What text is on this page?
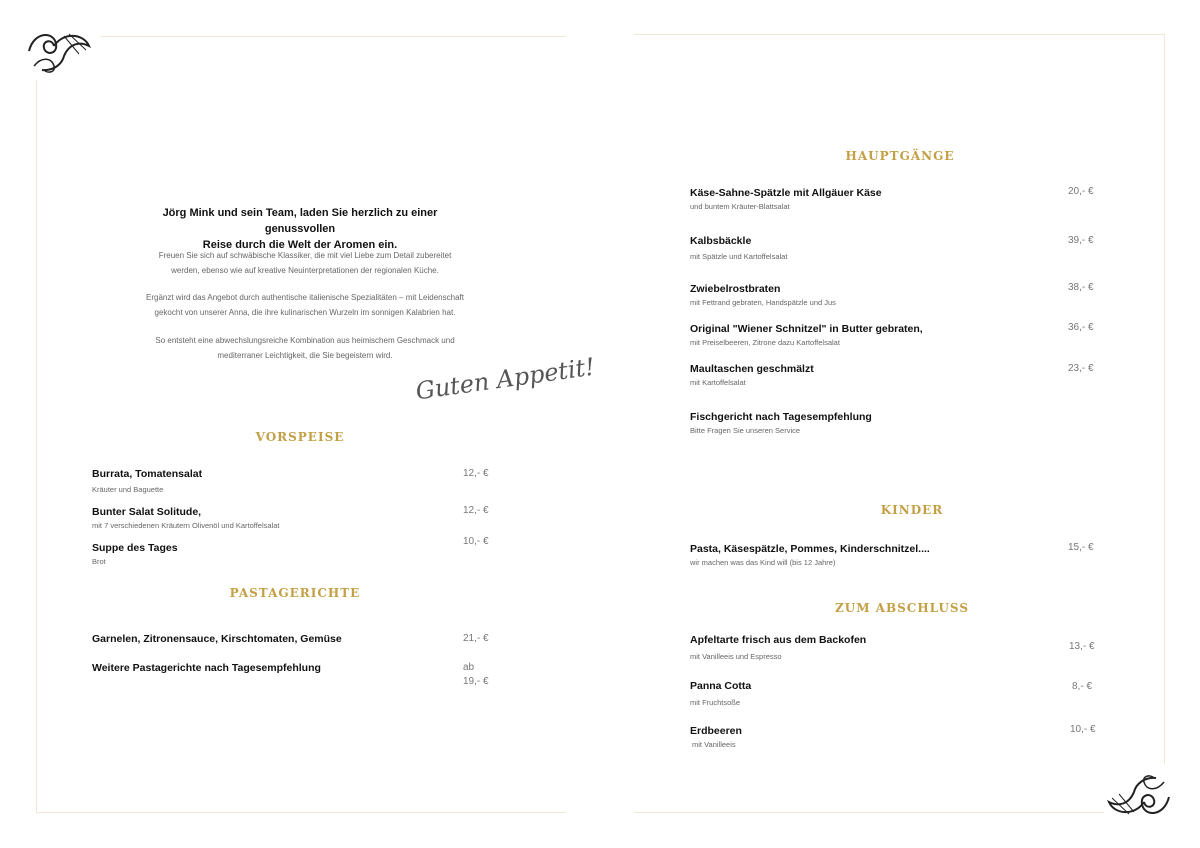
Jörg Mink und sein Team, laden Sie herzlich zu einer genussvollen
Reise durch die Welt der Aromen ein.
Freuen Sie sich auf schwäbische Klassiker, die mit viel Liebe zum Detail zubereitet
werden, ebenso wie auf kreative Neuinterpretationen der regionalen Küche.
Ergänzt wird das Angebot durch authentische italienische Spezialitäten – mit Leidenschaft
gekocht von unserer Anna, die ihre kulinarischen Wurzeln im sonnigen Kalabrien hat.
So entsteht eine abwechslungsreiche Kombination aus heimischem Geschmack und
mediterraner Leichtigkeit, die Sie begeistern wird. Guten Appetit!
VORSPEISE
Burrata, Tomatensalat
Kräuter und Baguette
12,- €
Bunter Salat Solitude,
mit 7 verschiedenen Kräutern Olivenöl und Kartoffelsalat
12,- €
Suppe des Tages
Brot
10,- €
PASTAGERICHTE
Garnelen, Zitronensauce, Kirschtomaten, Gemüse	21,- €
Weitere Pastagerichte nach Tagesempfehlung	ab
19,- €
HAUPTGÄNGE
Käse-Sahne-Spätzle mit Allgäuer Käse
und buntem Kräuter-Blattsalat
20,- €
Kalbsbäckle
mit Spätzle und Kartoffelsalat
39,- €
Zwiebelrostbraten
mit Fettrand gebraten, Handspätzle und Jus
38,- €
Original "Wiener Schnitzel" in Butter gebraten,
mit Preiselbeeren, Zitrone dazu Kartoffelsalat
36,- €
Maultaschen geschmälzt
mit Kartoffelsalat
23,- €
Fischgericht nach Tagesempfehlung
Bitte Fragen Sie unseren Service
KINDER
Pasta, Käsespätzle, Pommes, Kinderschnitzel....
wir machen was das Kind will (bis 12 Jahre)
15,- €
ZUM ABSCHLUSS
Apfeltarte frisch aus dem Backofen
mit Vanilleeis und Espresso
13,- €
Panna Cotta
mit Fruchtsoße
8,- €
Erdbeeren
mit Vanilleeis
10,- €
